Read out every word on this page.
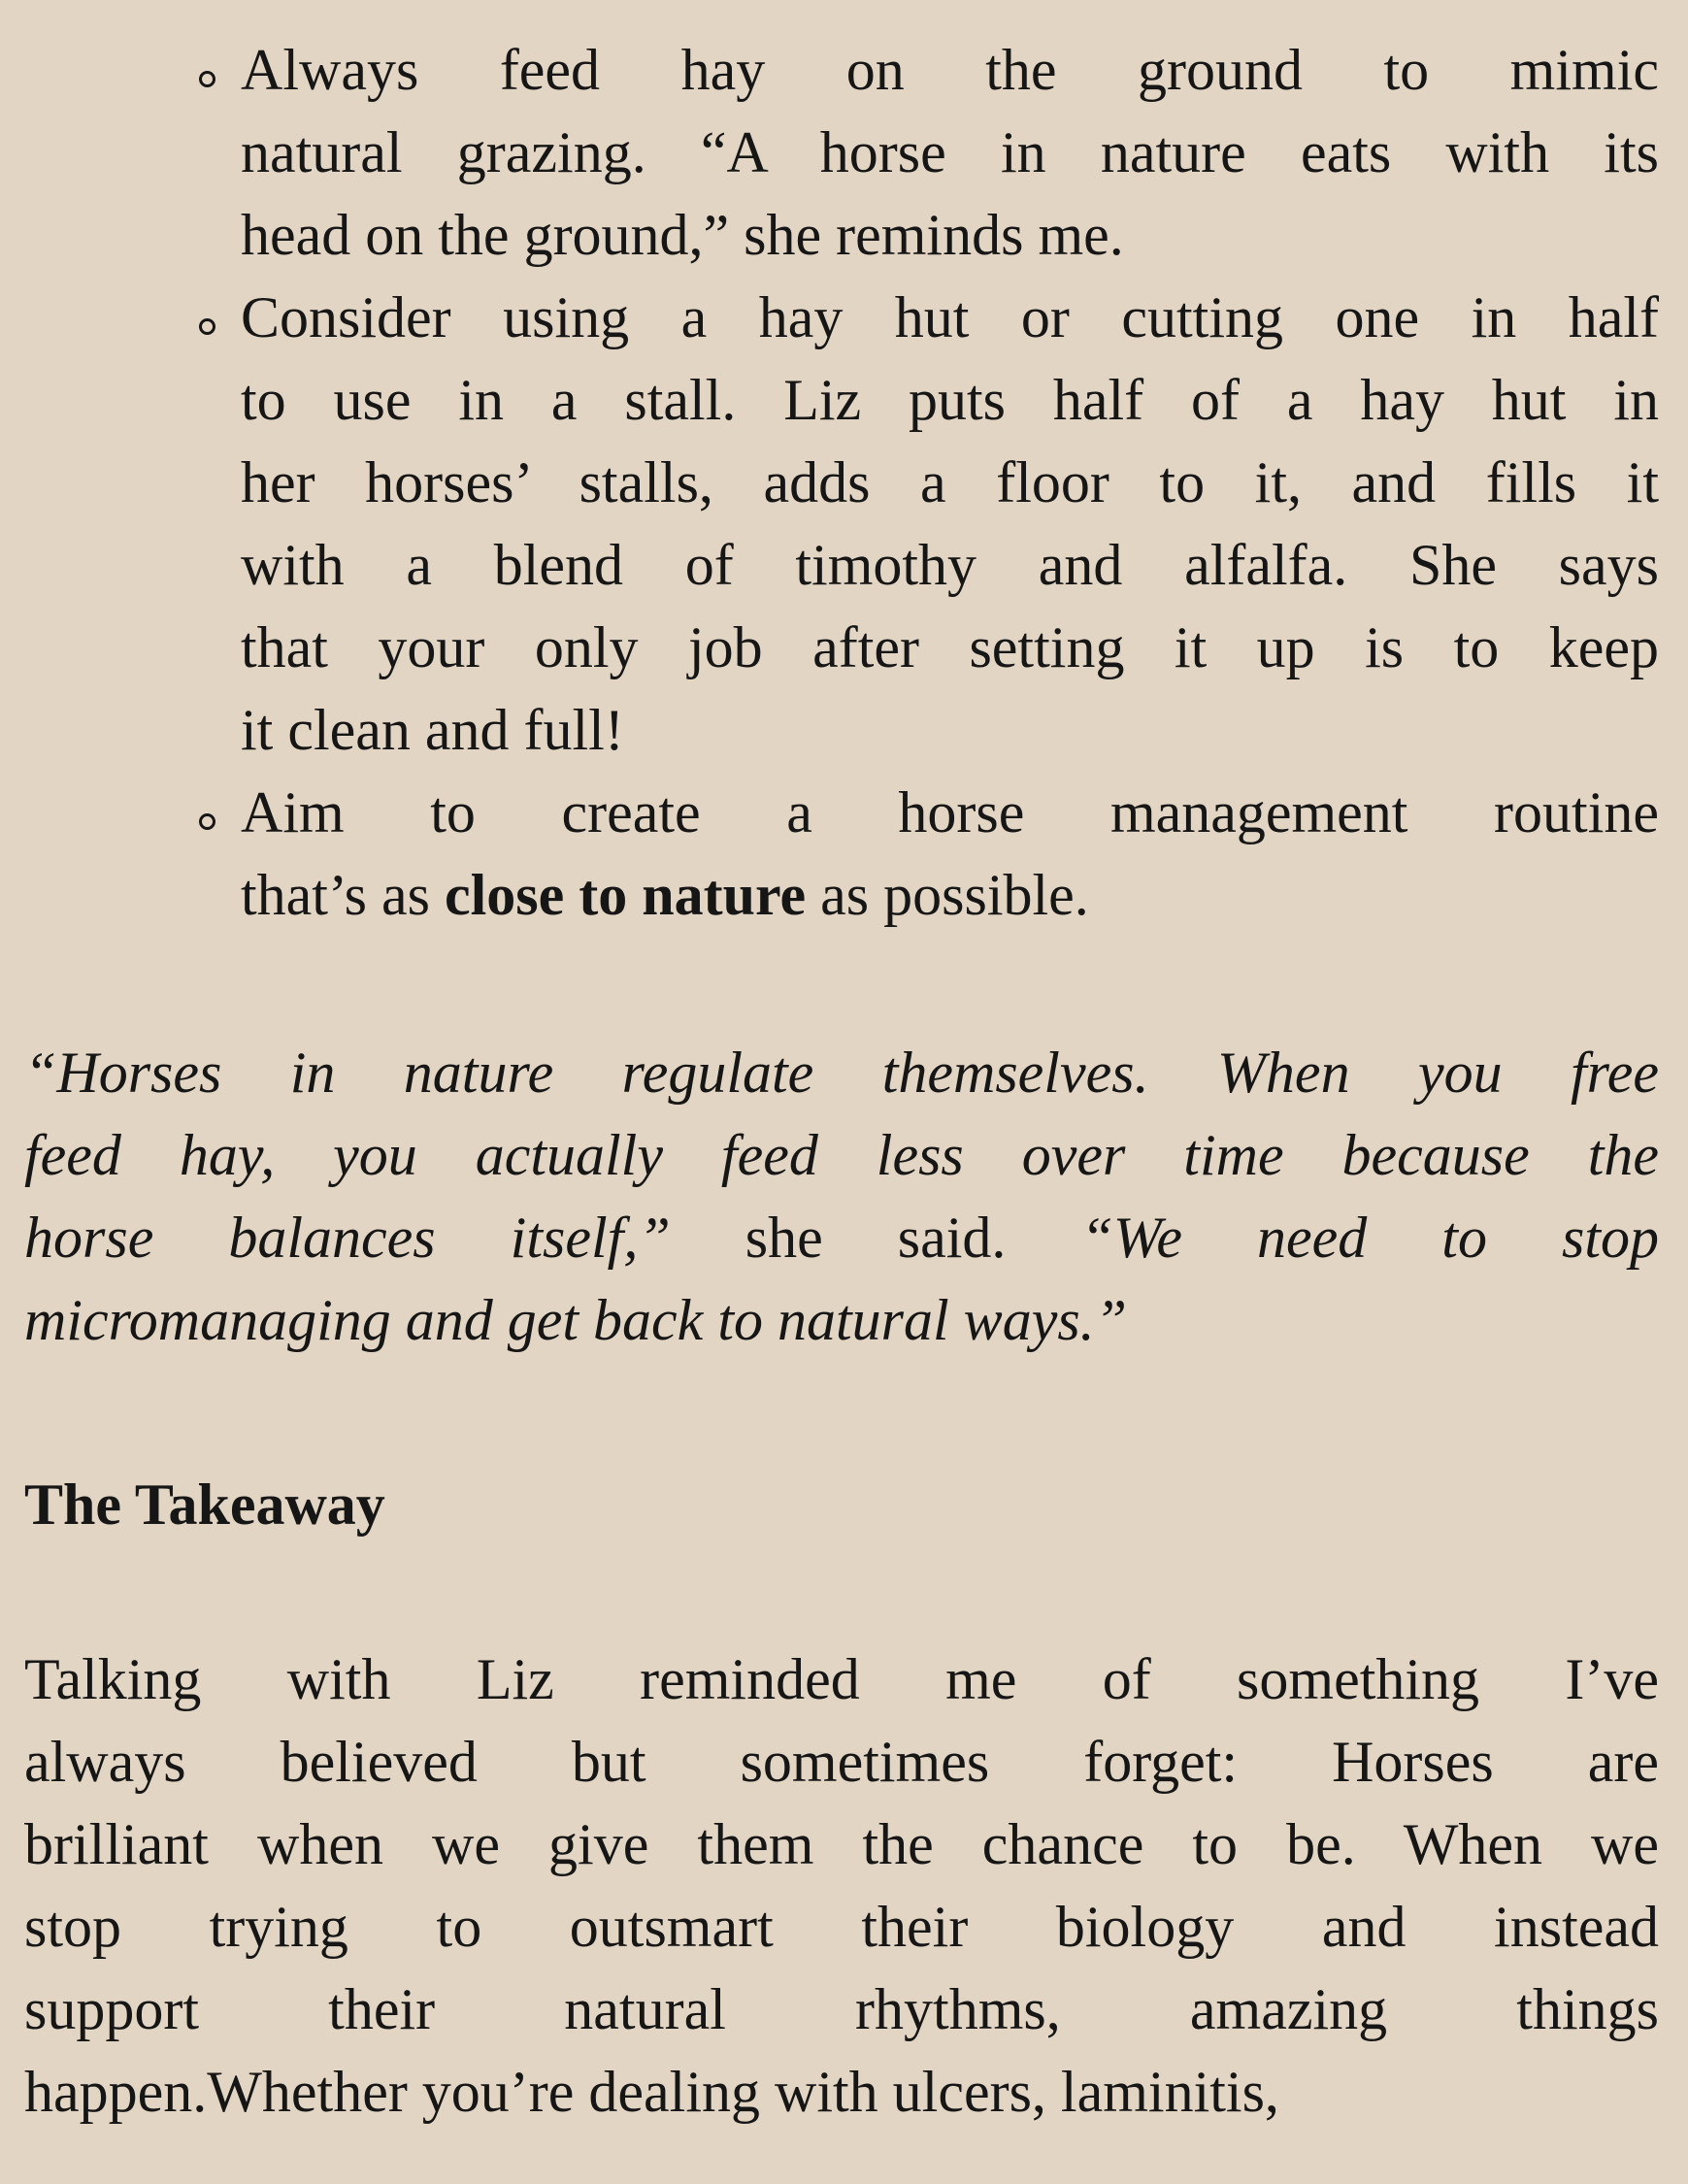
Always feed hay on the ground to mimic
natural grazing. “A horse in nature eats with its
head on the ground,” she reminds me.
Consider using a hay hut or cutting one in half
to use in a stall. Liz puts half of a hay hut in
her horses’ stalls, adds a floor to it, and fills it
with a blend of timothy and alfalfa. She says
that your only job after setting it up is to keep
it clean and full!
Aim to create a horse management routine
that’s as close to nature as possible.
“Horses in nature regulate themselves. When you free
feed hay, you actually feed less over time because the
horse balances itself,” she said. “We need to stop
micromanaging and get back to natural ways.”
The Takeaway
Talking with Liz reminded me of something I’ve
always believed but sometimes forget: Horses are
brilliant when we give them the chance to be. When we
stop trying to outsmart their biology and instead
support their natural rhythms, amazing things
happen.Whether you’re dealing with ulcers, laminitis,
